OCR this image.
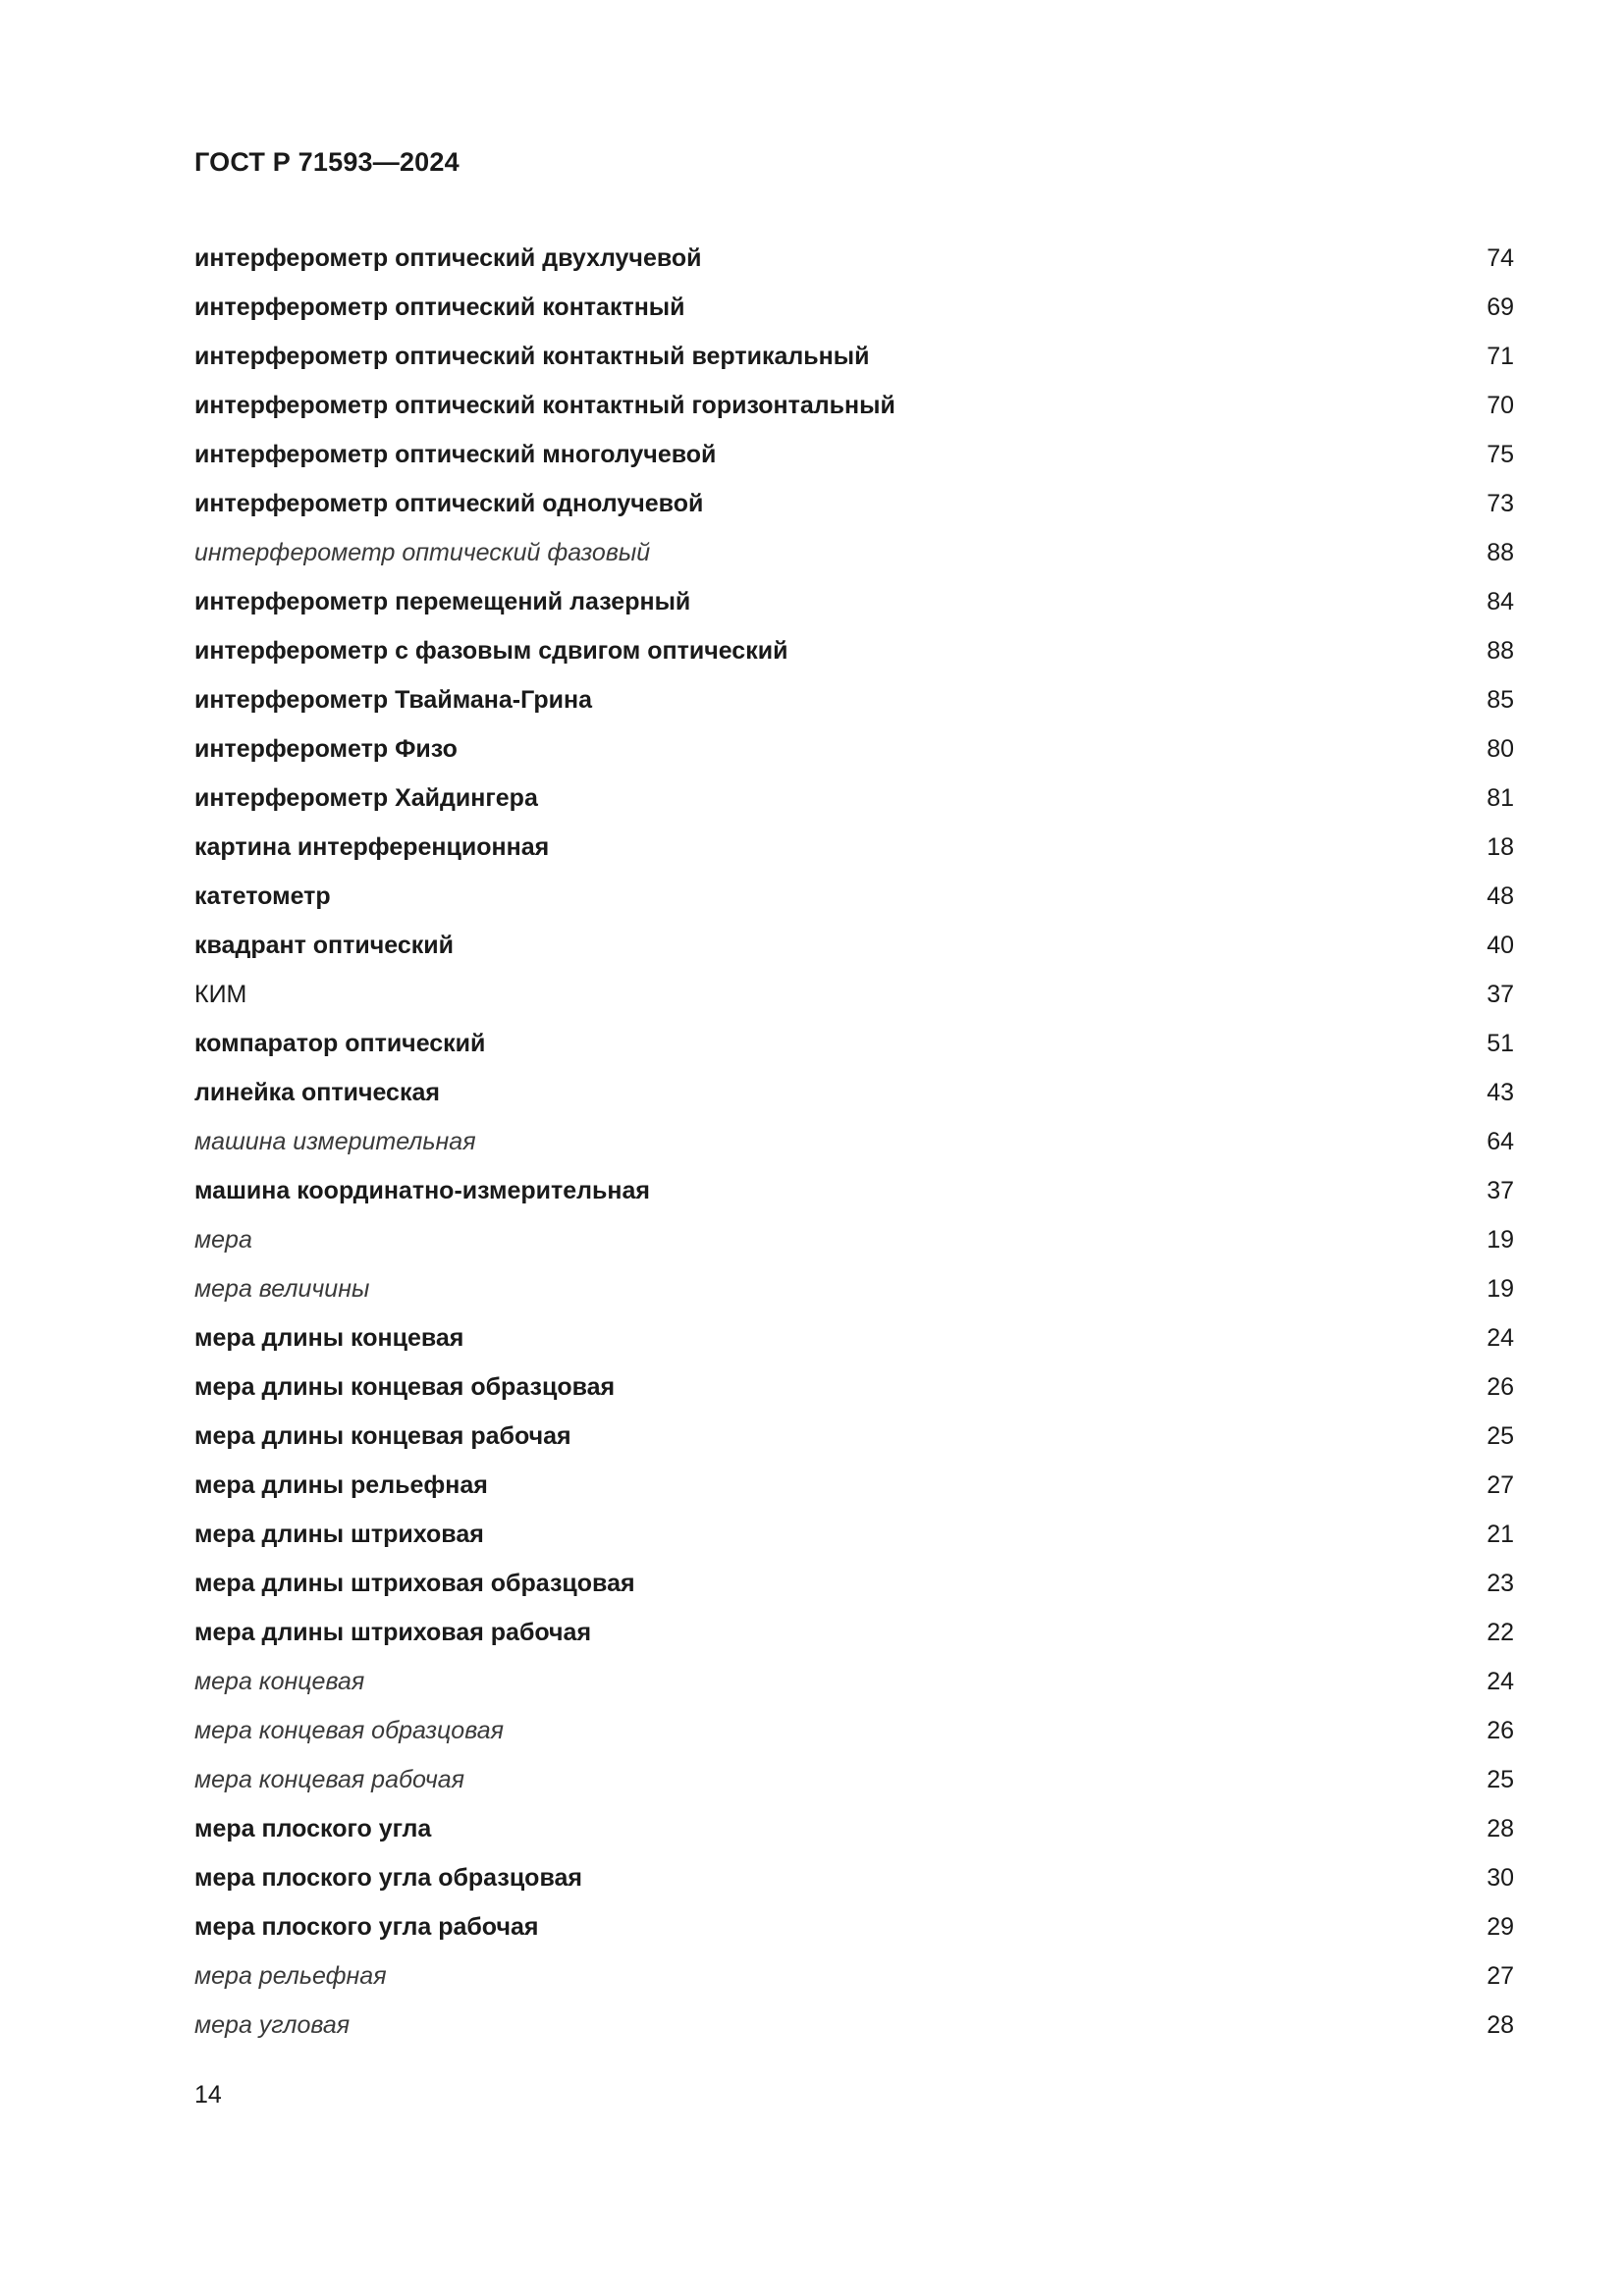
ГОСТ Р 71593—2024
интерферометр оптический двухлучевой	74
интерферометр оптический контактный	69
интерферометр оптический контактный вертикальный	71
интерферометр оптический контактный горизонтальный	70
интерферометр оптический многолучевой	75
интерферометр оптический однолучевой	73
интерферометр оптический фазовый	88
интерферометр перемещений лазерный	84
интерферометр с фазовым сдвигом оптический	88
интерферометр Тваймана-Грина	85
интерферометр Физо	80
интерферометр Хайдингера	81
картина интерференционная	18
катетометр	48
квадрант оптический	40
КИМ	37
компаратор оптический	51
линейка оптическая	43
машина измерительная	64
машина координатно-измерительная	37
мера	19
мера величины	19
мера длины концевая	24
мера длины концевая образцовая	26
мера длины концевая рабочая	25
мера длины рельефная	27
мера длины штриховая	21
мера длины штриховая образцовая	23
мера длины штриховая рабочая	22
мера концевая	24
мера концевая образцовая	26
мера концевая рабочая	25
мера плоского угла	28
мера плоского угла образцовая	30
мера плоского угла рабочая	29
мера рельефная	27
мера угловая	28
14
